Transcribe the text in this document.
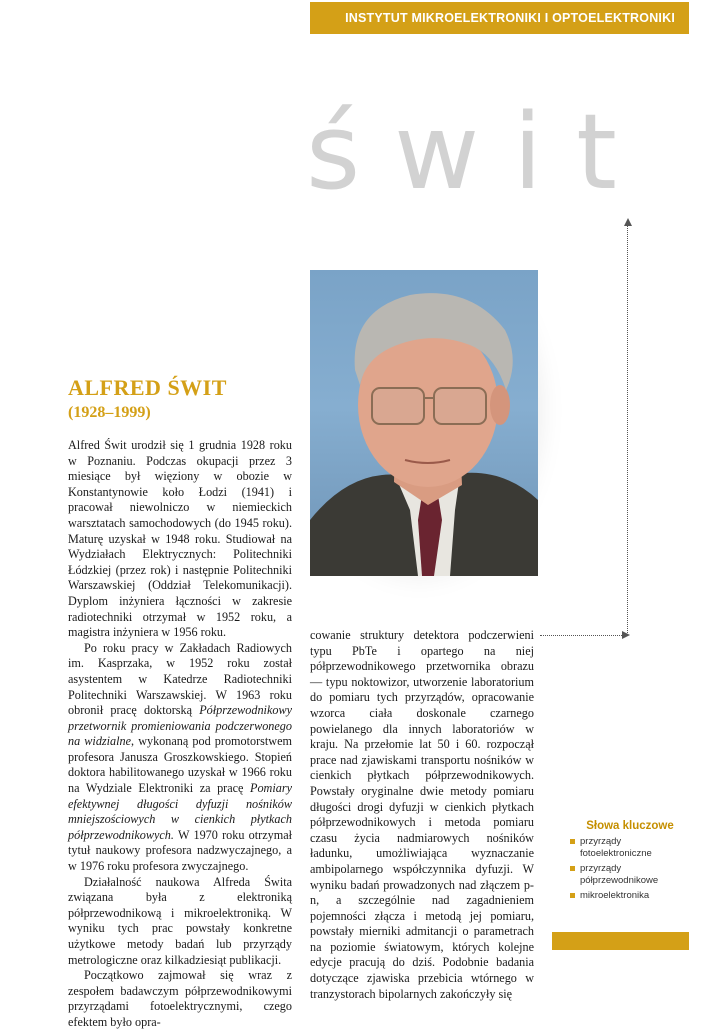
INSTYTUT MIKROELEKTRONIKI I OPTOELEKTRONIKI
świt
ALFRED ŚWIT
(1928–1999)

Alfred Świt urodził się 1 grudnia 1928 roku w Poznaniu. Podczas okupacji przez 3 miesiące był więziony w obozie w Konstantynowie koło Łodzi (1941) i pracował niewolniczo w niemieckich warsztatach samochodowych (do 1945 roku). Maturę uzyskał w 1948 roku. Studiował na Wydziałach Elektrycznych: Politechniki Łódzkiej (przez rok) i następnie Politechniki Warszawskiej (Oddział Telekomunikacji). Dyplom inżyniera łączności w zakresie radiotechniki otrzymał w 1952 roku, a magistra inżyniera w 1956 roku.

Po roku pracy w Zakładach Radiowych im. Kasprzaka, w 1952 roku został asystentem w Katedrze Radiotechniki Politechniki Warszawskiej. W 1963 roku obronił pracę doktorską Półprzewodnikowy przetwornik promieniowania podczerwonego na widzialne, wykonaną pod promotorstwem profesora Janusza Groszkowskiego. Stopień doktora habilitowanego uzyskał w 1966 roku na Wydziale Elektroniki za pracę Pomiary efektywnej długości dyfuzji nośników mniejszościowych w cienkich płytkach półprzewodnikowych. W 1970 roku otrzymał tytuł naukowy profesora nadzwyczajnego, a w 1976 roku profesora zwyczajnego.

Działalność naukowa Alfreda Świta związana była z elektroniką półprzewodnikową i mikroelektroniką. W wyniku tych prac powstały konkretne użytkowe metody badań lub przyrządy metrologiczne oraz kilkadziesiąt publikacji.

Początkowo zajmował się wraz z zespołem badawczym półprzewodnikowymi przyrządami fotoelektrycznymi, czego efektem było opra-

cowanie struktury detektora podczerwieni typu PbTe i opartego na niej półprzewodnikowego przetwornika obrazu — typu noktowizor, utworzenie laboratorium do pomiaru tych przyrządów, opracowanie wzorca ciała doskonale czarnego powielanego dla innych laboratoriów w kraju. Na przełomie lat 50 i 60. rozpoczął prace nad zjawiskami transportu nośników w cienkich płytkach półprzewodnikowych. Powstały oryginalne dwie metody pomiaru długości drogi dyfuzji w cienkich płytkach półprzewodnikowych i metoda pomiaru czasu życia nadmiarowych nośników ładunku, umożliwiająca wyznaczanie ambipolarnego współczynnika dyfuzji. W wyniku badań prowadzonych nad złączem p-n, a szczególnie nad zagadnieniem pojemności złącza i metodą jej pomiaru, powstały mierniki admitancji o parametrach na poziomie światowym, których kolejne edycje pracują do dziś. Podobnie badania dotyczące zjawiska przebicia wtórnego w tranzystorach bipolarnych zakończyły się

Słowa kluczowe
przyrządy fotoelektroniczne
przyrządy półprzewodnikowe
mikroelektronika
